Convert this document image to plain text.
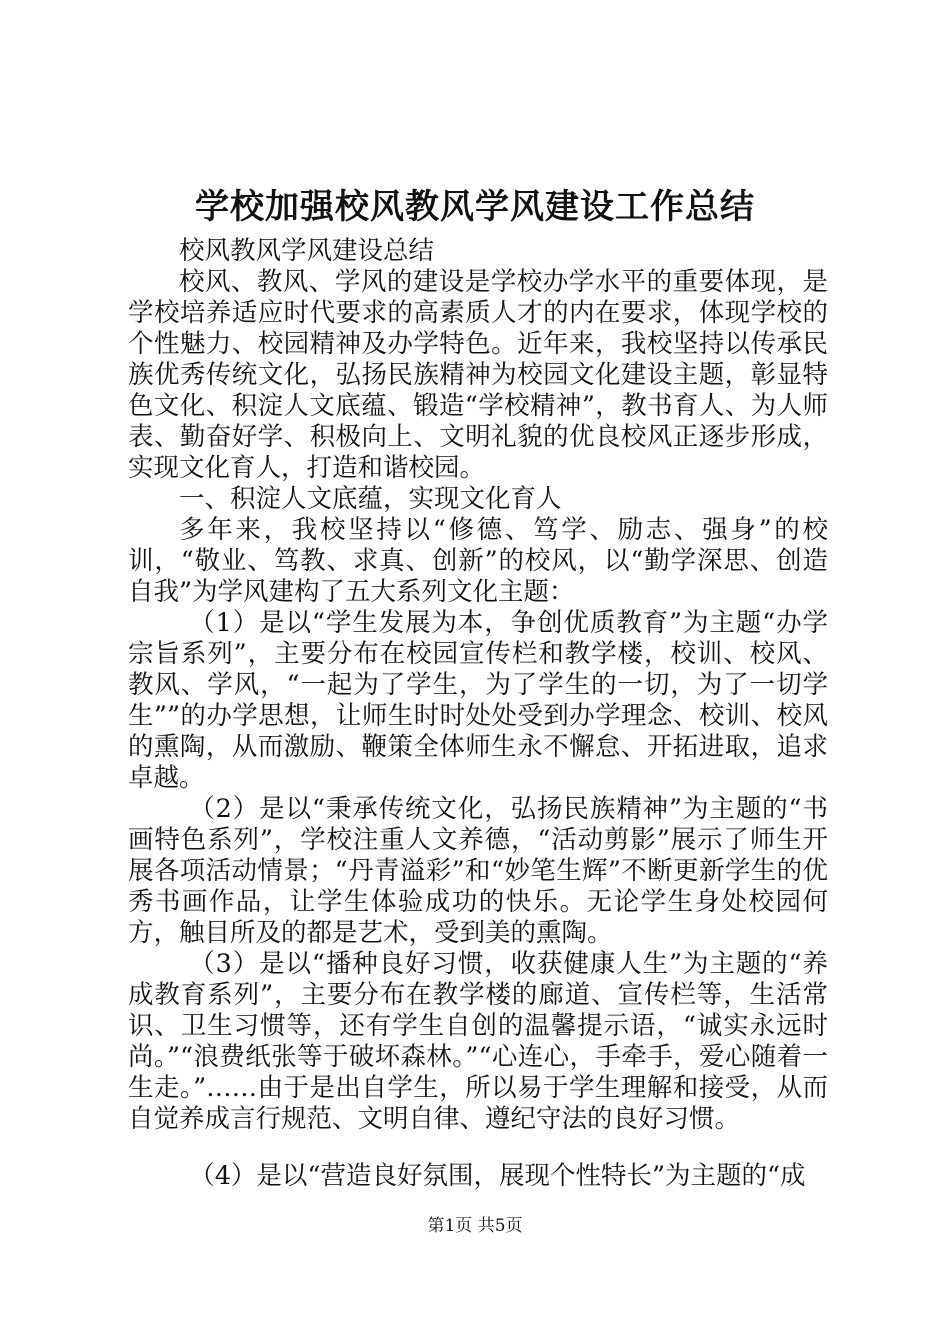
学校加强校风教风学风建设工作总结

校风教风学风建设总结

校风、教风、学风的建设是学校办学水平的重要体现，是学校培养适应时代要求的高素质人才的内在要求，体现学校的个性魅力、校园精神及办学特色。近年来，我校坚持以传承民族优秀传统文化，弘扬民族精神为校园文化建设主题，彰显特色文化、积淀人文底蕴、锻造“学校精神”，教书育人、为人师表、勤奋好学、积极向上、文明礼貌的优良校风正逐步形成，实现文化育人，打造和谐校园。

一、积淀人文底蕴，实现文化育人

多年来，我校坚持以“修德、笃学、励志、强身”的校训，“敬业、笃教、求真、创新”的校风，以“勤学深思、创造自我”为学风建构了五大系列文化主题：

（1）是以“学生发展为本，争创优质教育”为主题“办学宗旨系列”，主要分布在校园宣传栏和教学楼，校训、校风、教风、学风，“一起为了学生，为了学生的一切，为了一切学生””的办学思想，让师生时时处处受到办学理念、校训、校风的熏陶，从而激励、鞭策全体师生永不懈怠、开拓进取，追求卓越。

（2）是以“秉承传统文化，弘扬民族精神”为主题的“书画特色系列”，学校注重人文养德，“活动剪影”展示了师生开展各项活动情景；“丹青溢彩”和“妙笔生辉”不断更新学生的优秀书画作品，让学生体验成功的快乐。无论学生身处校园何方，触目所及的都是艺术，受到美的熏陶。

（3）是以“播种良好习惯，收获健康人生”为主题的“养成教育系列”，主要分布在教学楼的廊道、宣传栏等，生活常识、卫生习惯等，还有学生自创的温馨提示语，“诚实永远时尚。”“浪费纸张等于破坏森林。”“心连心，手牵手，爱心随着一生走。”……由于是出自学生，所以易于学生理解和接受，从而自觉养成言行规范、文明自律、遵纪守法的良好习惯。

（4）是以“营造良好氛围，展现个性特长”为主题的“成

第1页 共5页
